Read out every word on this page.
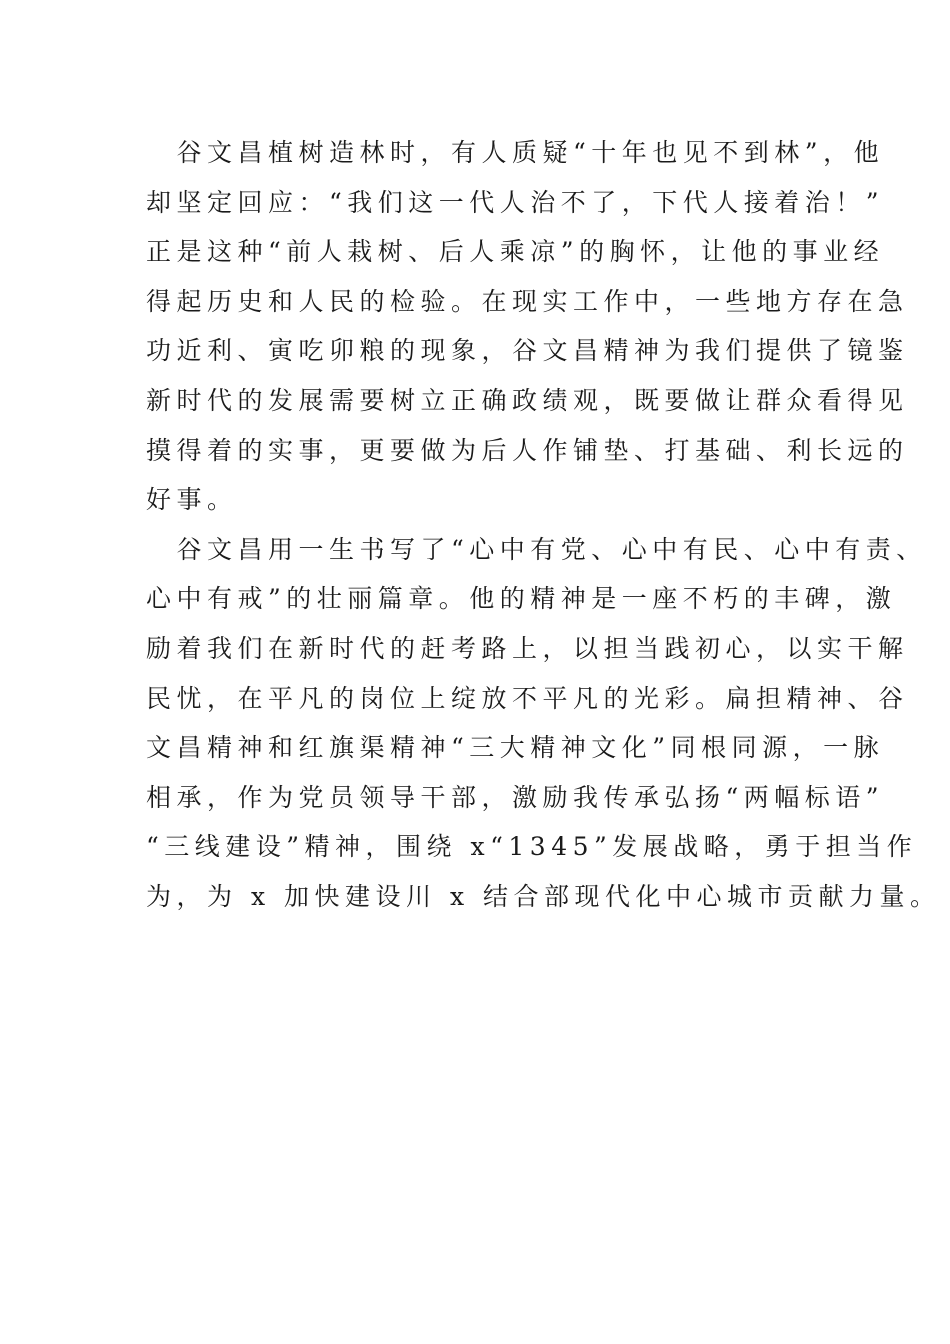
　谷文昌植树造林时，有人质疑“十年也见不到林”，他
却坚定回应：“我们这一代人治不了，下代人接着治！”
正是这种“前人栽树、后人乘凉”的胸怀，让他的事业经
得起历史和人民的检验。在现实工作中，一些地方存在急
功近利、寅吃卯粮的现象，谷文昌精神为我们提供了镜鉴
新时代的发展需要树立正确政绩观，既要做让群众看得见
摸得着的实事，更要做为后人作铺垫、打基础、利长远的
好事。
　谷文昌用一生书写了“心中有党、心中有民、心中有责、
心中有戒”的壮丽篇章。他的精神是一座不朽的丰碑，激
励着我们在新时代的赶考路上，以担当践初心，以实干解
民忧，在平凡的岗位上绽放不平凡的光彩。扁担精神、谷
文昌精神和红旗渠精神“三大精神文化”同根同源，一脉
相承，作为党员领导干部，激励我传承弘扬“两幅标语”
“三线建设”精神，围绕 x“1345”发展战略，勇于担当作
为，为 x 加快建设川 x 结合部现代化中心城市贡献力量。
